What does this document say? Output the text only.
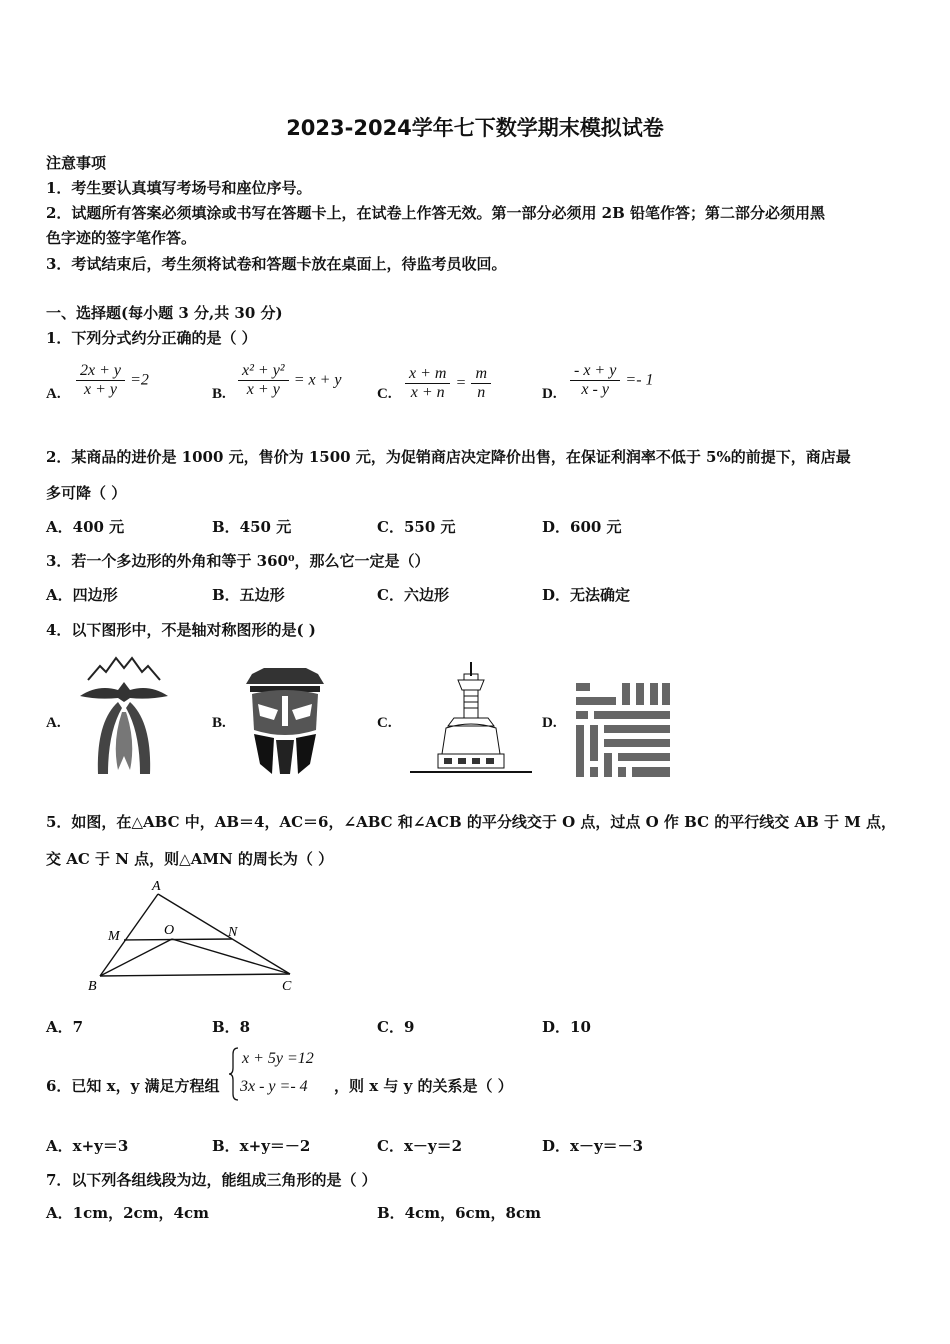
2023-2024学年七下数学期末模拟试卷
注意事项
1．考生要认真填写考场号和座位序号。
2．试题所有答案必须填涂或书写在答题卡上，在试卷上作答无效。第一部分必须用 2B 铅笔作答；第二部分必须用黑
色字迹的签字笔作答。
3．考试结束后，考生须将试卷和答题卡放在桌面上，待监考员收回。
一、选择题(每小题 3 分,共 30 分)
1．下列分式约分正确的是（ ）
A. $\frac{2x + y}{x + y} =2$
B. $\frac{\text{x² + y²}}{x + y} = x + y$
C. $\frac{x + m}{x + n} = \frac{m}{n}$	D. $\frac{- x + y}{x - y} =- 1$
2．某商品的进价是 1000 元，售价为 1500 元，为促销商店决定降价出售，在保证利润率不低于 5%的前提下，商店最
多可降（ ）
A．400 元	B．450 元	C．550 元	D．600 元
3．若一个多边形的外角和等于 360⁰，那么它一定是（）
A．四边形	B．五边形	C．六边形	D．无法确定
4．以下图形中，不是轴对称图形的是( )
A.	B.	C.	D.
5．如图，在△ABC 中，AB＝4，AC＝6，∠ABC 和∠ACB 的平分线交于 O 点，过点 O 作 BC 的平行线交 AB 于 M 点，
交 AC 于 N 点，则△AMN 的周长为（ ）
A
M	O	N
B	C
A．7	B．8	C．9	D．10
6．已知 x，y 满足方程组
x + 5y =12
3x - y =- 4 ，则 x 与 y 的关系是（ ）
A．x+y＝3	B．x+y＝－2	C．x－y＝2	D．x－y＝－3
7．以下列各组线段为边，能组成三角形的是（ ）
A．1cm，2cm，4cm	B．4cm，6cm，8cm
